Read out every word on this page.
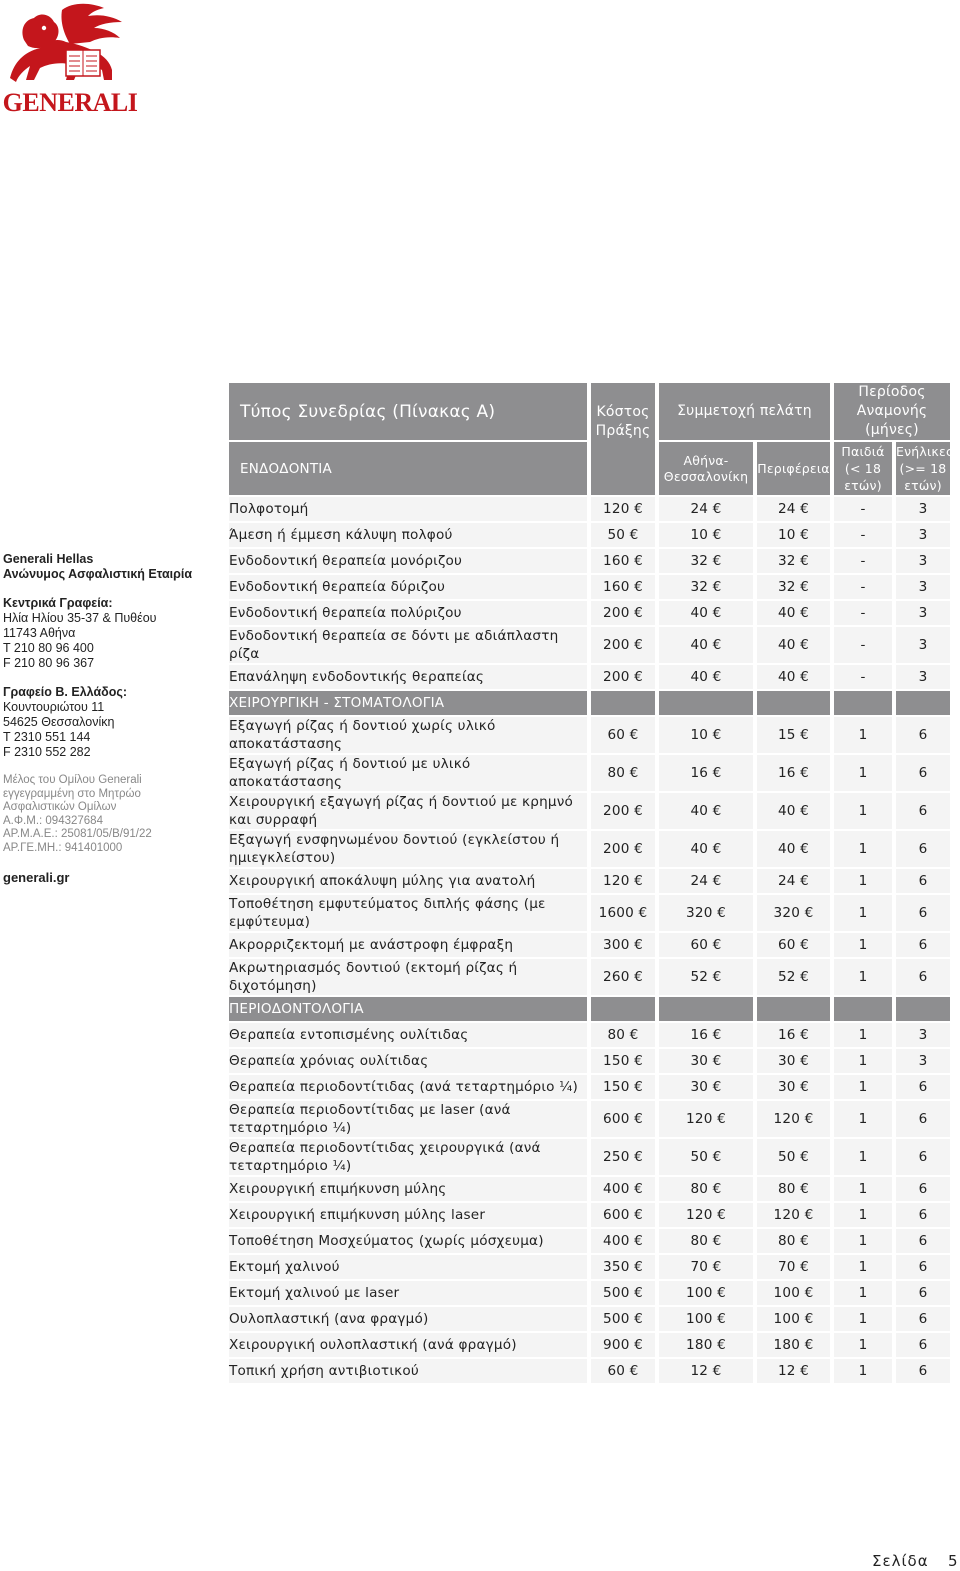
GENERALI
Generali Hellas
Ανώνυμος Ασφαλιστική Εταιρία
Κεντρικά Γραφεία:
Ηλία Ηλίου 35-37 & Πυθέου
11743 Αθήνα
T 210 80 96 400
F 210 80 96 367
Γραφείο Β. Ελλάδος:
Κουντουριώτου 11
54625 Θεσσαλονίκη
T 2310 551 144
F 2310 552 282
Μέλος του Ομίλου Generali
εγγεγραμμένη στο Μητρώο
Ασφαλιστικών Ομίλων
Α.Φ.Μ.: 094327684
ΑΡ.Μ.Α.Ε.: 25081/05/Β/91/22
ΑΡ.ΓΕ.ΜΗ.: 941401000
generali.gr
Τύπος Συνεδρίας (Πίνακας Α)	Κόστος Πράξης	Συμμετοχή πελάτη		Περίοδος Αναμονής (μήνες)	
ΕΝΔΟΔΟΝΤΙΑ		Αθήνα-Θεσσαλονίκη	Περιφέρεια	Παιδιά (< 18 ετών)	Ενήλικες (>= 18 ετών)
Πολφοτομή	120 €	24 €	24 €	-	3
Άμεση ή έμμεση κάλυψη πολφού	50 €	10 €	10 €	-	3
Ενδοδοντική θεραπεία μονόριζου	160 €	32 €	32 €	-	3
Ενδοδοντική θεραπεία δύριζου	160 €	32 €	32 €	-	3
Ενδοδοντική θεραπεία πολύριζου	200 €	40 €	40 €	-	3
Ενδοδοντική θεραπεία σε δόντι με αδιάπλαστη ρίζα	200 €	40 €	40 €	-	3
Επανάληψη ενδοδοντικής θεραπείας	200 €	40 €	40 €	-	3
ΧΕΙΡΟΥΡΓΙΚΗ - ΣΤΟΜΑΤΟΛΟΓΙΑ					
Εξαγωγή ρίζας ή δοντιού χωρίς υλικό αποκατάστασης	60 €	10 €	15 €	1	6
Εξαγωγή ρίζας ή δοντιού με υλικό αποκατάστασης	80 €	16 €	16 €	1	6
Χειρουργική εξαγωγή ρίζας ή δοντιού με κρημνό και συρραφή	200 €	40 €	40 €	1	6
Εξαγωγή ενσφηνωμένου δοντιού (εγκλείστου ή ημιεγκλείστου)	200 €	40 €	40 €	1	6
Χειρουργική αποκάλυψη μύλης για ανατολή	120 €	24 €	24 €	1	6
Τοποθέτηση εμφυτεύματος διπλής φάσης (με εμφύτευμα)	1600 €	320 €	320 €	1	6
Ακρορριζεκτομή με ανάστροφη έμφραξη	300 €	60 €	60 €	1	6
Ακρωτηριασμός δοντιού (εκτομή ρίζας ή διχοτόμηση)	260 €	52 €	52 €	1	6
ΠΕΡΙΟΔΟΝΤΟΛΟΓΙΑ					
Θεραπεία εντοπισμένης ουλίτιδας	80 €	16 €	16 €	1	3
Θεραπεία χρόνιας ουλίτιδας	150 €	30 €	30 €	1	3
Θεραπεία περιοδοντίτιδας (ανά τεταρτημόριο ¼)	150 €	30 €	30 €	1	6
Θεραπεία περιοδοντίτιδας με laser (ανά τεταρτημόριο ¼)	600 €	120 €	120 €	1	6
Θεραπεία περιοδοντίτιδας χειρουργικά (ανά τεταρτημόριο ¼)	250 €	50 €	50 €	1	6
Χειρουργική επιμήκυνση μύλης	400 €	80 €	80 €	1	6
Χειρουργική επιμήκυνση μύλης laser	600 €	120 €	120 €	1	6
Τοποθέτηση Μοσχεύματος (χωρίς μόσχευμα)	400 €	80 €	80 €	1	6
Εκτομή χαλινού	350 €	70 €	70 €	1	6
Εκτομή χαλινού με laser	500 €	100 €	100 €	1	6
Ουλοπλαστική (ανα φραγμό)	500 €	100 €	100 €	1	6
Χειρουργική ουλοπλαστική (ανά φραγμό)	900 €	180 €	180 €	1	6
Τοπική χρήση αντιβιοτικού	60 €	12 €	12 €	1	6
Σελίδα 5
